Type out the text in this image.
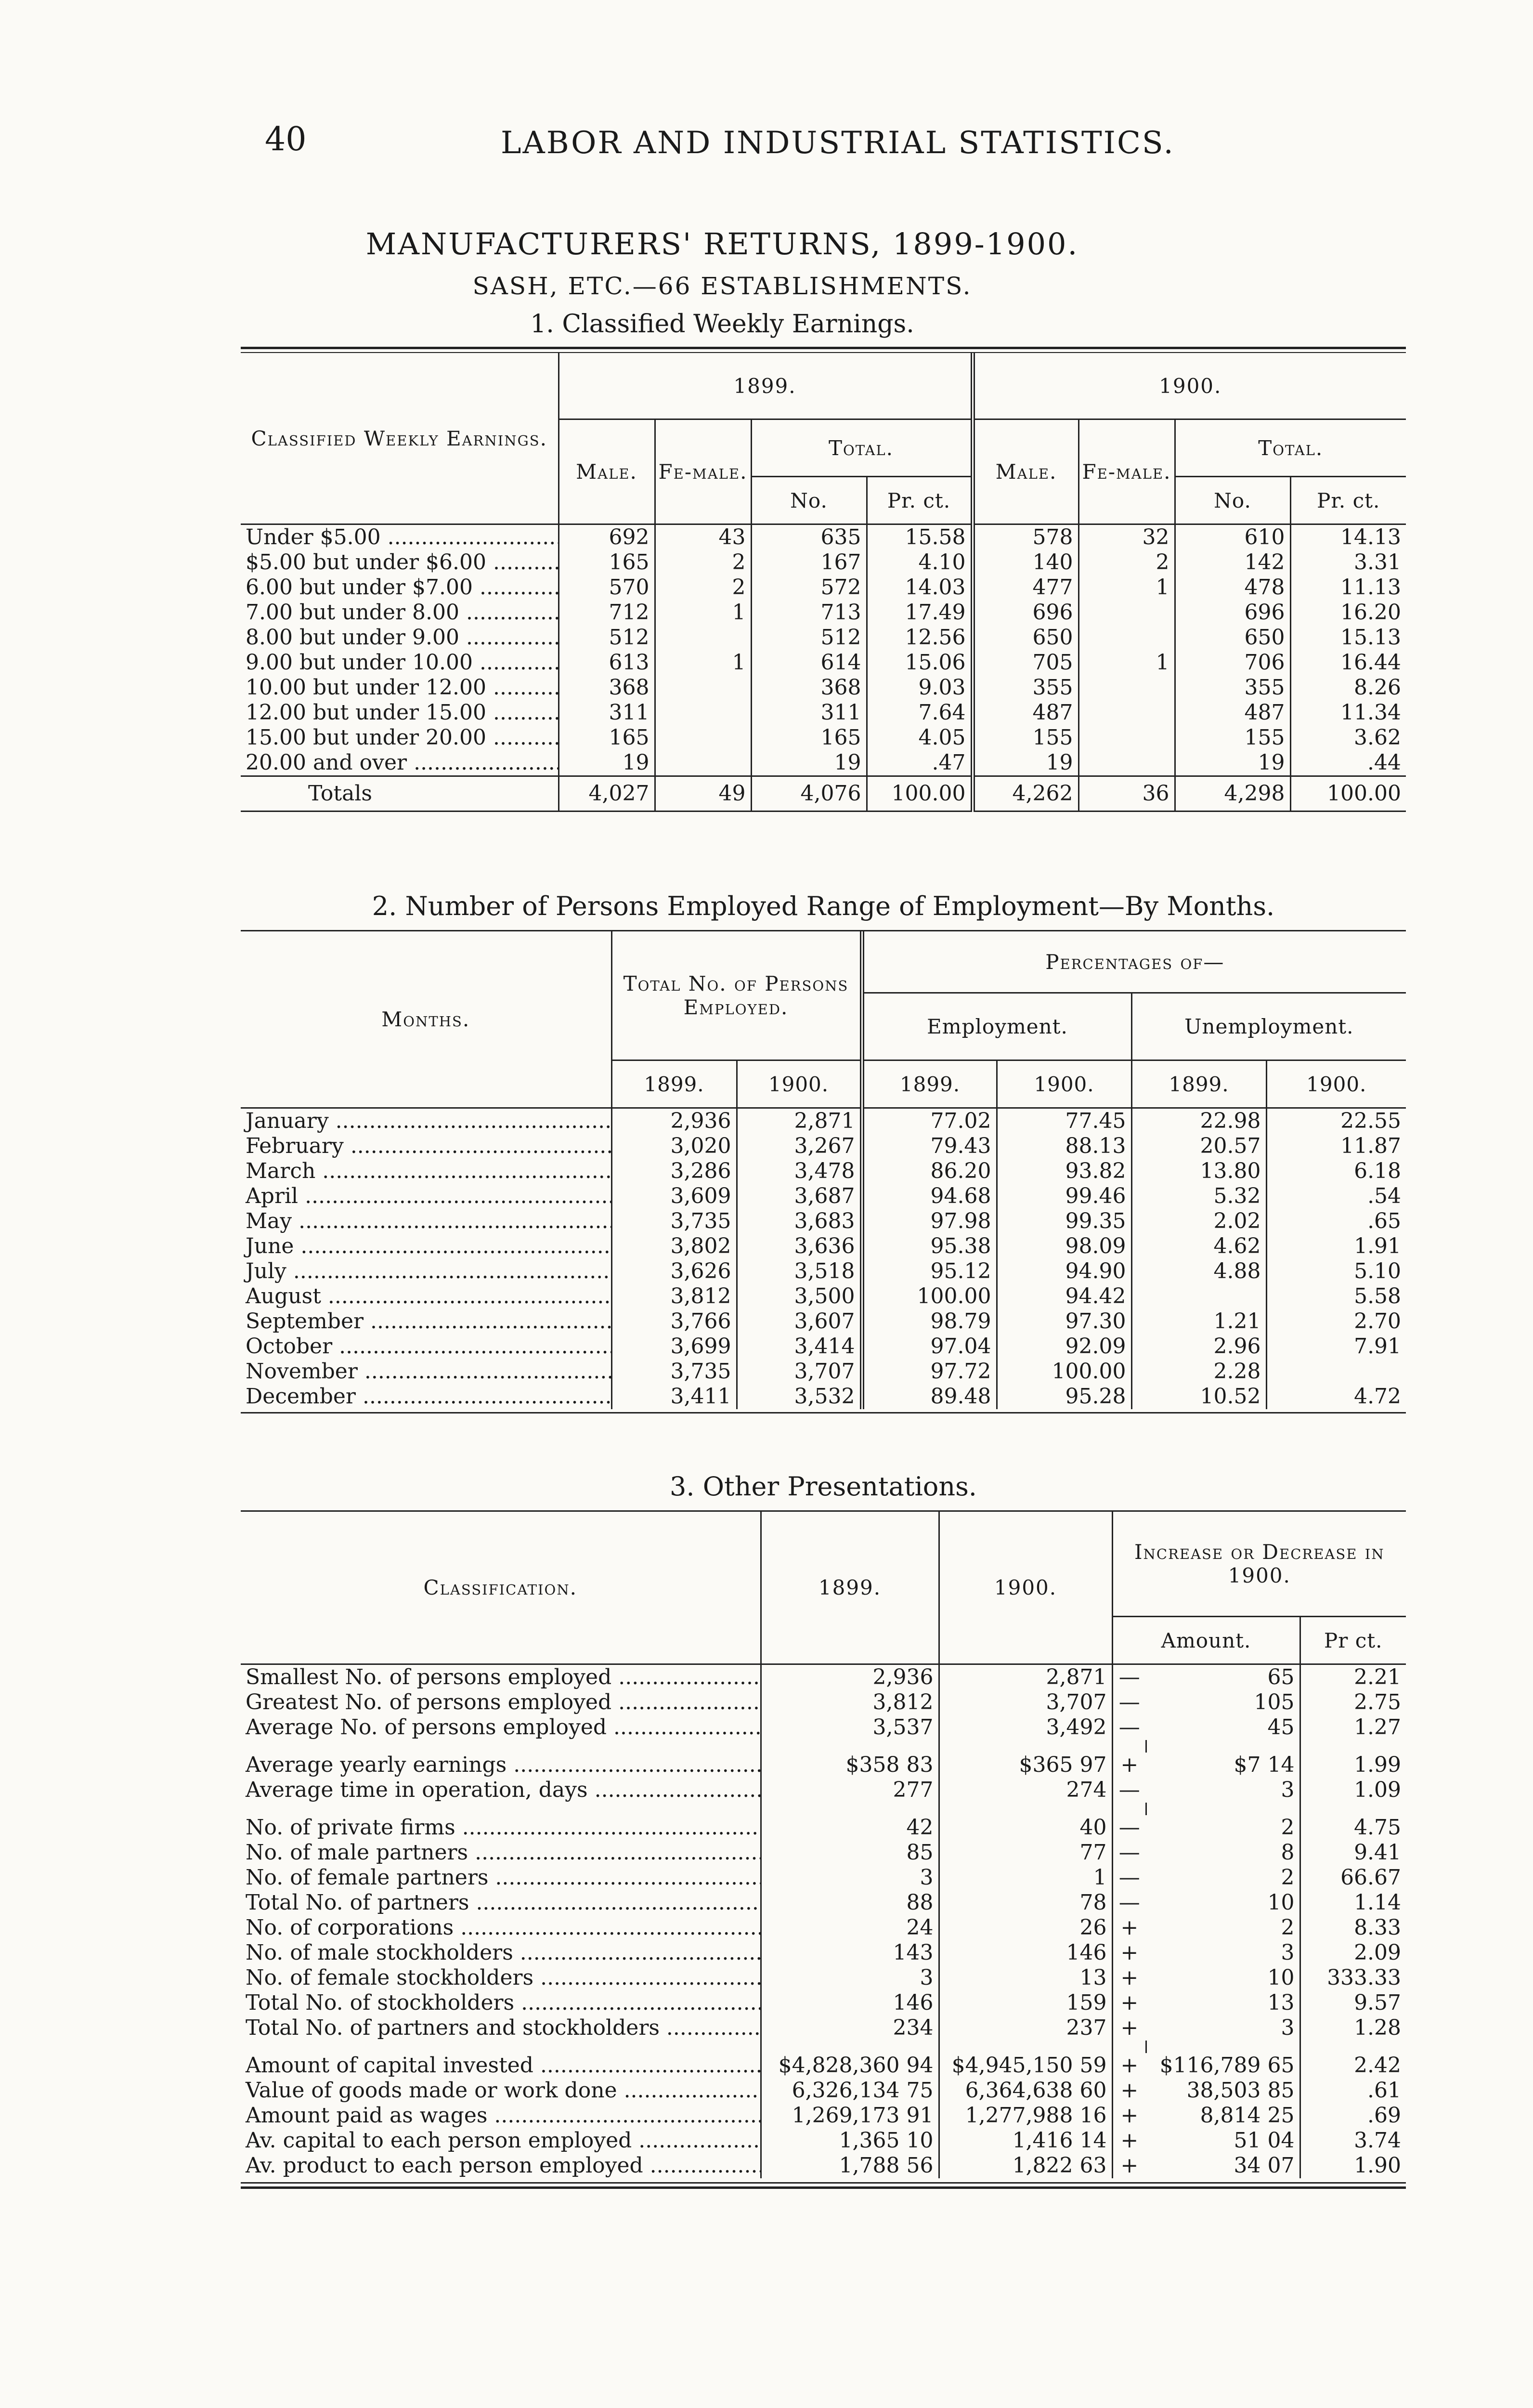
40	LABOR AND INDUSTRIAL STATISTICS.
MANUFACTURERS' RETURNS, 1899-1900.
SASH, ETC.—66 ESTABLISHMENTS.
1. Classified Weekly Earnings.
Classified Weekly Earnings.	1899.				1900.			
	Male.	Fe-male.	Total.		Male.	Fe-male.	Total.	
			No.	Pr. ct.			No.	Pr. ct.
Under $5.00 .....	692	43	635	15.58	578	32	610	14.13
$5.00 but under $6.00 .....	165	2	167	4.10	140	2	142	3.31
6.00 but under $7.00 .....	570	2	572	14.03	477	1	478	11.13
7.00 but under 8.00 .....	712	1	713	17.49	696		696	16.20
8.00 but under 9.00 .....	512		512	12.56	650		650	15.13
9.00 but under 10.00 .....	613	1	614	15.06	705	1	706	16.44
10.00 but under 12.00 .....	368		368	9.03	355		355	8.26
12.00 but under 15.00 .....	311		311	7.64	487		487	11.34
15.00 but under 20.00 .....	165		165	4.05	155		155	3.62
20.00 and over .....	19		19	.47	19		19	.44
Totals	4,027	49	4,076	100.00	4,262	36	4,298	100.00

2. Number of Persons Employed Range of Employment—By Months.

Months.	Total No. of Persons Employed.		Percentages of—			
			Employment.		Unemployment.	
	1899.	1900.	1899.	1900.	1899.	1900.
January .....	2,936	2,871	77.02	77.45	22.98	22.55
February .....	3,020	3,267	79.43	88.13	20.57	11.87
March .....	3,286	3,478	86.20	93.82	13.80	6.18
April .....	3,609	3,687	94.68	99.46	5.32	.54
May .....	3,735	3,683	97.98	99.35	2.02	.65
June .....	3,802	3,636	95.38	98.09	4.62	1.91
July .....	3,626	3,518	95.12	94.90	4.88	5.10
August .....	3,812	3,500	100.00	94.42		5.58
September .....	3,766	3,607	98.79	97.30	1.21	2.70
October .....	3,699	3,414	97.04	92.09	2.96	7.91
November .....	3,735	3,707	97.72	100.00	2.28	
December .....	3,411	3,532	89.48	95.28	10.52	4.72

3. Other Presentations.

Classification.	1899.	1900.	Increase or Decrease in 1900.		
			Amount.		Pr ct.
Smallest No. of persons employed .....	2,936	2,871	—	65	2.21
Greatest No. of persons employed .....	3,812	3,707	—	105	2.75
Average No. of persons employed .....	3,537	3,492	—	45	1.27

Average yearly earnings .....	$358 83	$365 97	+	$7 14	1.99
Average time in operation, days .....	277	274	—	3	1.09

No. of private firms .....	42	40	—	2	4.75
No. of male partners .....	85	77	—	8	9.41
No. of female partners .....	3	1	—	2	66.67
Total No. of partners .....	88	78	—	10	1.14
No. of corporations .....	24	26	+	2	8.33
No. of male stockholders .....	143	146	+	3	2.09
No. of female stockholders .....	3	13	+	10	333.33
Total No. of stockholders .....	146	159	+	13	9.57
Total No. of partners and stockholders .....	234	237	+	3	1.28

Amount of capital invested .....	$4,828,360 94	$4,945,150 59	+	$116,789 65	2.42
Value of goods made or work done .....	6,326,134 75	6,364,638 60	+	38,503 85	.61
Amount paid as wages .....	1,269,173 91	1,277,988 16	+	8,814 25	.69
Av. capital to each person employed .....	1,365 10	1,416 14	+	51 04	3.74
Av. product to each person employed .....	1,788 56	1,822 63	+	34 07	1.90
